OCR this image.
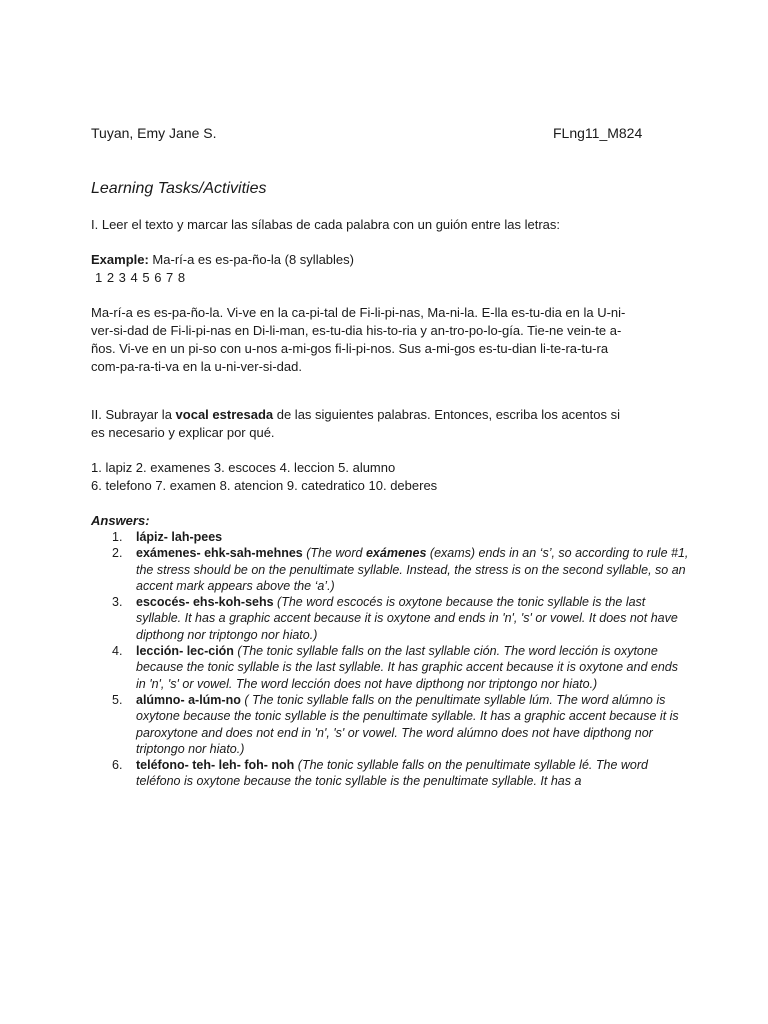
Tuyan, Emy Jane S.	FLng11_M824
Learning Tasks/Activities
I. Leer el texto y marcar las sílabas de cada palabra con un guión entre las letras:
Example: Ma-rí-a es es-pa-ño-la (8 syllables)
1 2 3 4 5 6 7 8
Ma-rí-a es es-pa-ño-la. Vi-ve en la ca-pi-tal de Fi-li-pi-nas, Ma-ni-la. E-lla es-tu-dia en la U-ni-
ver-si-dad de Fi-li-pi-nas en Di-li-man, es-tu-dia his-to-ria y an-tro-po-lo-gía. Tie-ne vein-te a-
ños. Vi-ve en un pi-so con u-nos a-mi-gos fi-li-pi-nos. Sus a-mi-gos es-tu-dian li-te-ra-tu-ra
com-pa-ra-ti-va en la u-ni-ver-si-dad.
II. Subrayar la vocal estresada de las siguientes palabras. Entonces, escriba los acentos si
es necesario y explicar por qué.
1. lapiz 2. examenes 3. escoces 4. leccion 5. alumno
6. telefono 7. examen 8. atencion 9. catedratico 10. deberes
Answers:
1. lápiz- lah-pees
2. exámenes- ehk-sah-mehnes (The word exámenes (exams) ends in an ‘s’, so according to rule #1, the stress should be on the penultimate syllable. Instead, the stress is on the second syllable, so an accent mark appears above the ‘a’.)
3. escocés- ehs-koh-sehs (The word escocés is oxytone because the tonic syllable is the last syllable. It has a graphic accent because it is oxytone and ends in 'n', 's' or vowel. It does not have dipthong nor triptongo nor hiato.)
4. lección- lec-ción (The tonic syllable falls on the last syllable ción. The word lección is oxytone because the tonic syllable is the last syllable. It has graphic accent because it is oxytone and ends in 'n', 's' or vowel. The word lección does not have dipthong nor triptongo nor hiato.)
5. alúmno- a-lúm-no ( The tonic syllable falls on the penultimate syllable lúm. The word alúmno is oxytone because the tonic syllable is the penultimate syllable. It has a graphic accent because it is paroxytone and does not end in 'n', 's' or vowel. The word alúmno does not have dipthong nor triptongo nor hiato.)
6. teléfono- teh- leh- foh- noh (The tonic syllable falls on the penultimate syllable lé. The word teléfono is oxytone because the tonic syllable is the penultimate syllable. It has a
